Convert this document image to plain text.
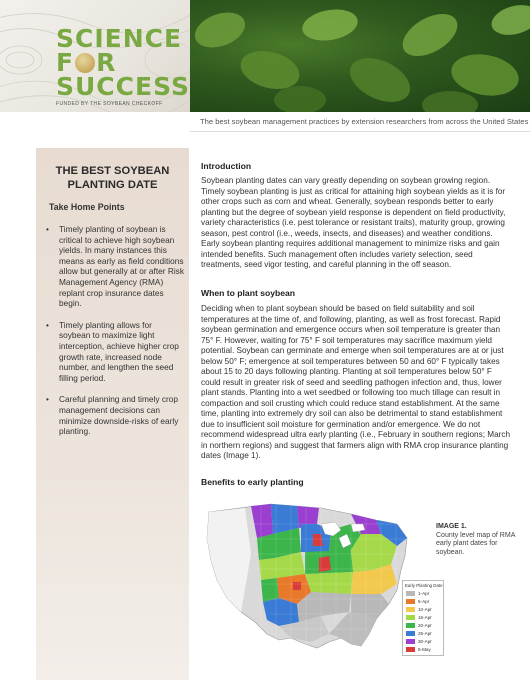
SCIENCE
F R
SUCCESS
FUNDED BY THE SOYBEAN CHECKOFF
The best soybean management practices by extension researchers from across the United States
THE BEST SOYBEAN
PLANTING DATE
Take Home Points
• Timely planting of soybean is critical to achieve high soybean yields. In many instances this means as early as field conditions allow but generally at or after Risk Management Agency (RMA) replant crop insurance dates begin.
• Timely planting allows for soybean to maximize light interception, achieve higher crop growth rate, increased node number, and lengthen the seed filling period.
• Careful planning and timely crop management decisions can minimize downside-risks of early planting.
Introduction

Soybean planting dates can vary greatly depending on soybean growing region. Timely soybean planting is just as critical for attaining high soybean yields as it is for other crops such as corn and wheat. Generally, soybean responds better to early planting but the degree of soybean yield response is dependent on field productivity, variety characteristics (i.e. pest tolerance or resistant traits), maturity group, growing season, pest control (i.e., weeds, insects, and diseases) and weather conditions. Early soybean planting requires additional management to minimize risks and gain intended benefits. Such management often includes variety selection, seed treatments, seed vigor testing, and careful planning in the off season.

When to plant soybean

Deciding when to plant soybean should be based on field suitability and soil temperatures at the time of, and following, planting, as well as frost forecast. Rapid soybean germination and emergence occurs when soil temperature is greater than 75° F. However, waiting for 75° F soil temperatures may sacrifice maximum yield potential. Soybean can germinate and emerge when soil temperatures are at or just below 50° F; emergence at soil temperatures between 50 and 60° F typically takes about 15 to 20 days following planting. Planting at soil temperatures below 50° F could result in greater risk of seed and seedling pathogen infection and, thus, lower plant stands. Planting into a wet seedbed or following too much tillage can result in compaction and soil crusting which could reduce stand establishment. At the same time, planting into extremely dry soil can also be detrimental to stand establishment due to insufficient soil moisture for germination and/or emergence. We do not recommend widespread ultra early planting (i.e., February in southern regions; March in northern regions) and suggest that farmers align with RMA crop insurance planting dates (Image 1).

Benefits to early planting
IMAGE 1.
County level map of RMA early plant dates for soybean.
Early Planting Date
1-Apr
5-Apr
10-Apr
15-Apr
20-Apr
25-Apr
30-Apr
5-May
